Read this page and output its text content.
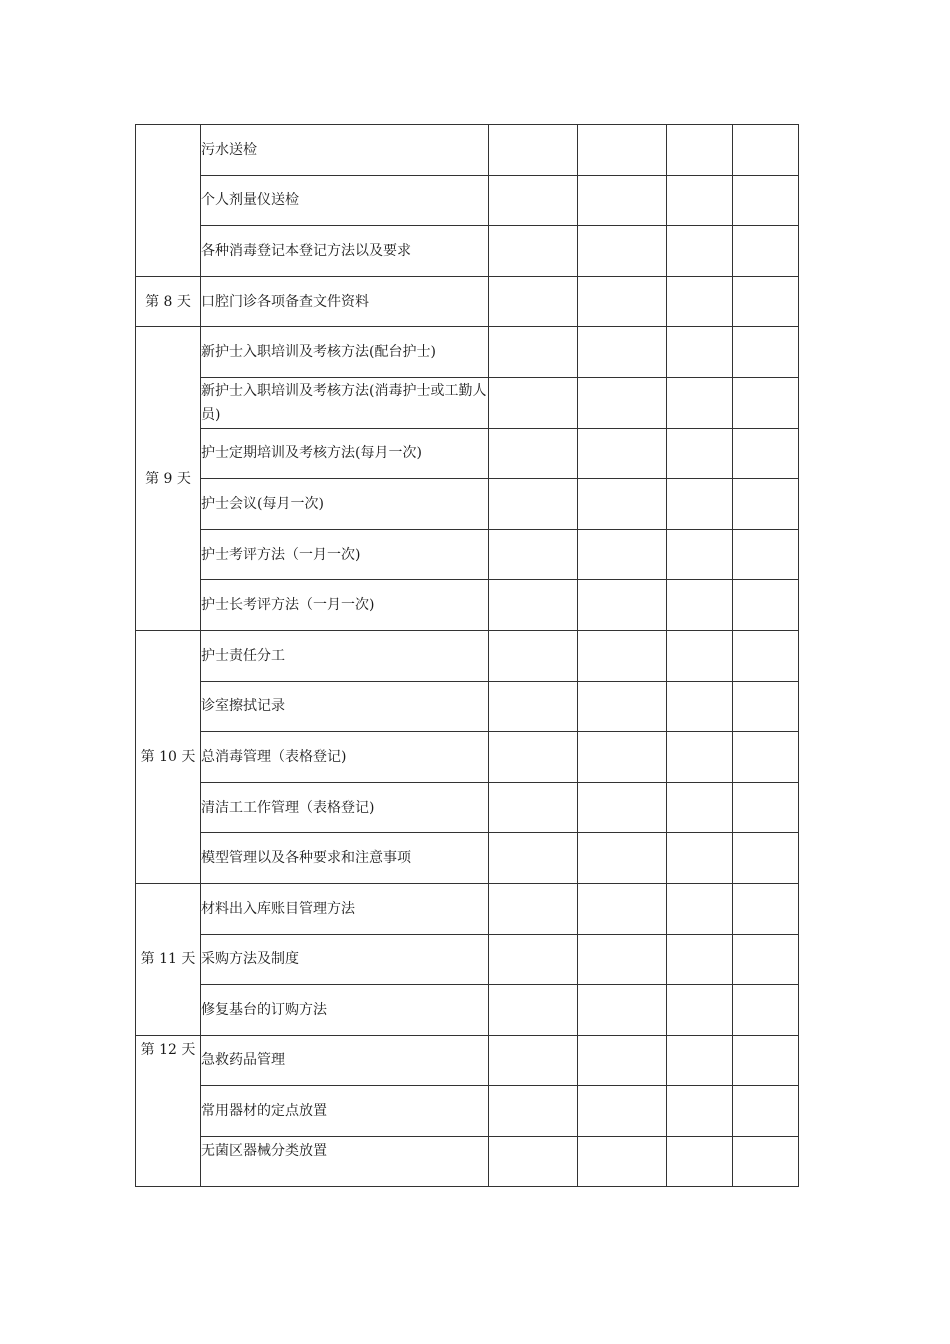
	污水送检				
	个人剂量仪送检				
	各种消毒登记本登记方法以及要求				
第 8 天	口腔门诊各项备查文件资料				
第 9 天	新护士入职培训及考核方法(配台护士)				
	新护士入职培训及考核方法(消毒护士或工勤人员)				
	护士定期培训及考核方法(每月一次)				
	护士会议(每月一次)				
	护士考评方法（一月一次)				
	护士长考评方法（一月一次)				
第 10 天	护士责任分工				
	诊室擦拭记录				
	总消毒管理（表格登记)				
	清洁工工作管理（表格登记)				
	模型管理以及各种要求和注意事项				
第 11 天	材料出入库账目管理方法				
	采购方法及制度				
	修复基台的订购方法				
第 12 天	急救药品管理				
	常用器材的定点放置				
	无菌区器械分类放置				
